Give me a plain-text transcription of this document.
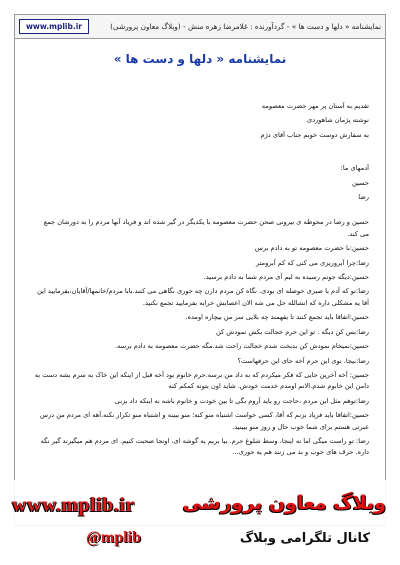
www.mplib.ir	نمایشنامه « دلها و دست ها » - گردآورنده : غلامرضا زهره منش - (وبلاگ معاون پرورشی)
نمایشنامه « دلها و دست ها »

تقدیم به آستان پر مهر حضرت معصومه

نوشته پژمان شاهوردی

به سفارش دوست خوبم جناب آقای دژم

آدمهای ما:

حسین

رضا

حسین و رضا در محوطه ی بیرونی صحن حضرت معصومه با یکدیگر در گیر شده اند و فریاد آنها مردم را به دورشان جمع می کند.

حسین:با حضرت معصومه تو به دادم برس

رضا:چرا آبروریزی می کنی که کم آبرومتر

حسین:دیگه جونم رسیده به لبم آی مردم شما به دادم برسید.

رضا:تو که آدم با صبری حوصله ای بودی. نگاه کن مردم دارن چه جوری نگاهی می کنند.بابا مردم/خانمها/آقایان،بفرمایید این آقا یه مشکلی داره که انشالله حل می شه الان اعصابش خرابه بفرمایید تجمع نکنید.

حسین:اتفاقا باید تجمع کنند تا بفهمند چه بلایی سر من بیچاره اومده.

رضا:بس کن دیگه . تو این حرم خجالت بکش نمودش کن

حسین:نمیخام نمودش کن بدبخت شدم خجالت راحت شد.مگه حضرت معصومه به دادم برسه.

رضا:بیجا. نوی این حرم آخه جای این حرفهاست؟

حسین: آخه آخرین جایی که فکر میکردم که به داد من برسه.حرم خانوم بود آخه قبل از اینکه این خاک به سرم بشه دست به دامن این خانوم شدم.الانم اومدم خدمت خودش. شاید اون بتونه کمکم کنه

رضا:توهم مثل این مردم ،حاجت رو باید آروم بگی تا بین خودت و خانوم باشه نه اینکه داد بزنی

حسین:اتفاقا باید فریاد بزنم که آقا، کسی خواست اشتباه منو کنه؛ منو ببینه و اشتباه منو تکرار نکنه.آهه ای مردم من درس عبرتی هستم برای شما خوب حال و روز منو ببینید.

رضا: تو راست میگی اما نه اینجا، وسط شلوغ حرم. بیا بریم یه گوشه ای، اونجا صحبت کنیم. ای مردم هم میگیرند گیر نگه داره. حرف های خوب و بد می زنند هم یه جوری...

www.mplib.ir	وبلاگ معاون پرورشی
کانال تلگرامی وبلاگ
@mplib
